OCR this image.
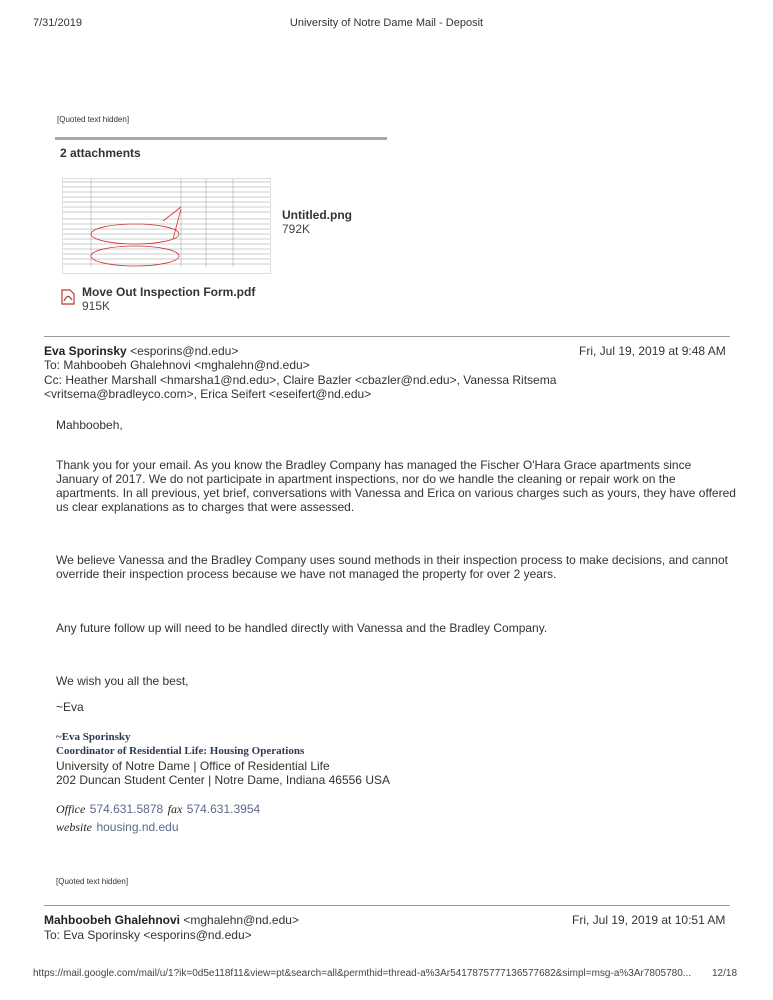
7/31/2019	University of Notre Dame Mail - Deposit
[Quoted text hidden]
2 attachments
Untitled.png
792K
Move Out Inspection Form.pdf
915K
Eva Sporinsky <esporins@nd.edu>	Fri, Jul 19, 2019 at 9:48 AM
To: Mahboobeh Ghalehnovi <mghalehn@nd.edu>
Cc: Heather Marshall <hmarsha1@nd.edu>, Claire Bazler <cbazler@nd.edu>, Vanessa Ritsema
<vritsema@bradleyco.com>, Erica Seifert <eseifert@nd.edu>
Mahboobeh,
Thank you for your email. As you know the Bradley Company has managed the Fischer O'Hara Grace apartments since January of 2017. We do not participate in apartment inspections, nor do we handle the cleaning or repair work on the apartments. In all previous, yet brief, conversations with Vanessa and Erica on various charges such as yours, they have offered us clear explanations as to charges that were assessed.
We believe Vanessa and the Bradley Company uses sound methods in their inspection process to make decisions, and cannot override their inspection process because we have not managed the property for over 2 years.
Any future follow up will need to be handled directly with Vanessa and the Bradley Company.
We wish you all the best,
~Eva
~Eva Sporinsky
Coordinator of Residential Life: Housing Operations
University of Notre Dame | Office of Residential Life
202 Duncan Student Center | Notre Dame, Indiana 46556 USA
Office 574.631.5878 fax 574.631.3954
website housing.nd.edu
[Quoted text hidden]
Mahboobeh Ghalehnovi <mghalehn@nd.edu>	Fri, Jul 19, 2019 at 10:51 AM
To: Eva Sporinsky <esporins@nd.edu>
https://mail.google.com/mail/u/1?ik=0d5e118f11&view=pt&search=all&permthid=thread-a%3Ar5417875777136577682&simpl=msg-a%3Ar7805780... 12/18
